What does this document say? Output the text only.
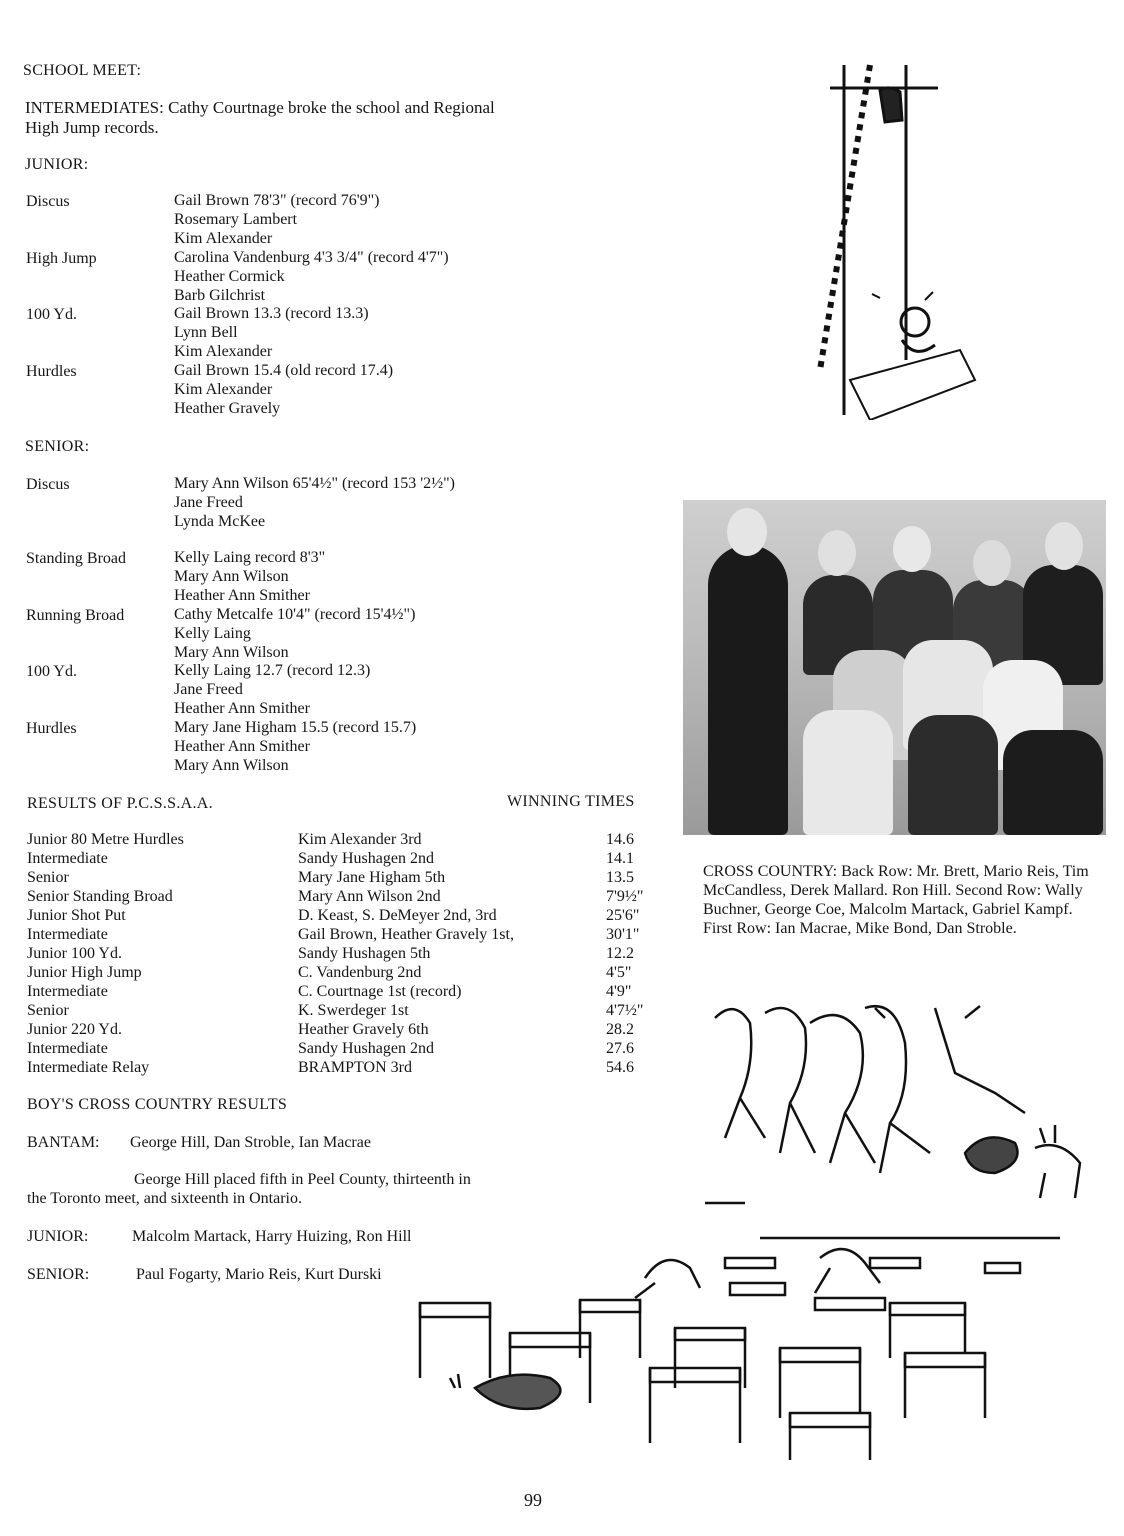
SCHOOL MEET:
INTERMEDIATES: Cathy Courtnage broke the school and Regional
High Jump records.
JUNIOR:
Discus	Gail Brown 78'3" (record 76'9")
Rosemary Lambert
Kim Alexander
High Jump	Carolina Vandenburg 4'3 3/4" (record 4'7")
Heather Cormick
Barb Gilchrist
100 Yd.	Gail Brown 13.3 (record 13.3)
Lynn Bell
Kim Alexander
Hurdles	Gail Brown 15.4 (old record 17.4)
Kim Alexander
Heather Gravely
SENIOR:
Discus	Mary Ann Wilson 65'4½" (record 153 '2½")
Jane Freed
Lynda McKee
Standing Broad	Kelly Laing record 8'3"
Mary Ann Wilson
Heather Ann Smither
Running Broad	Cathy Metcalfe 10'4" (record 15'4½")
Kelly Laing
Mary Ann Wilson
100 Yd.	Kelly Laing 12.7 (record 12.3)
Jane Freed
Heather Ann Smither
Hurdles	Mary Jane Higham 15.5 (record 15.7)
Heather Ann Smither
Mary Ann Wilson
RESULTS OF P.C.S.S.A.A.	WINNING TIMES
Junior 80 Metre Hurdles	Kim Alexander 3rd	14.6
Intermediate	Sandy Hushagen 2nd	14.1
Senior	Mary Jane Higham 5th	13.5
Senior Standing Broad	Mary Ann Wilson 2nd	7'9½"
Junior Shot Put	D. Keast, S. DeMeyer 2nd, 3rd	25'6"
Intermediate	Gail Brown, Heather Gravely 1st,	30'1"
Junior 100 Yd.	Sandy Hushagen 5th	12.2
Junior High Jump	C. Vandenburg 2nd	4'5"
Intermediate	C. Courtnage 1st (record)	4'9"
Senior	K. Swerdeger 1st	4'7½"
Junior 220 Yd.	Heather Gravely 6th	28.2
Intermediate	Sandy Hushagen 2nd	27.6
Intermediate Relay	BRAMPTON 3rd	54.6
BOY'S CROSS COUNTRY RESULTS
BANTAM: George Hill, Dan Stroble, Ian Macrae
George Hill placed fifth in Peel County, thirteenth in
the Toronto meet, and sixteenth in Ontario.
JUNIOR:	Malcolm Martack, Harry Huizing, Ron Hill
SENIOR:	Paul Fogarty, Mario Reis, Kurt Durski
CROSS COUNTRY: Back Row: Mr. Brett, Mario Reis, Tim McCandless, Derek Mallard. Ron Hill. Second Row: Wally Buchner, George Coe, Malcolm Martack, Gabriel Kampf. First Row: Ian Macrae, Mike Bond, Dan Stroble.
99
